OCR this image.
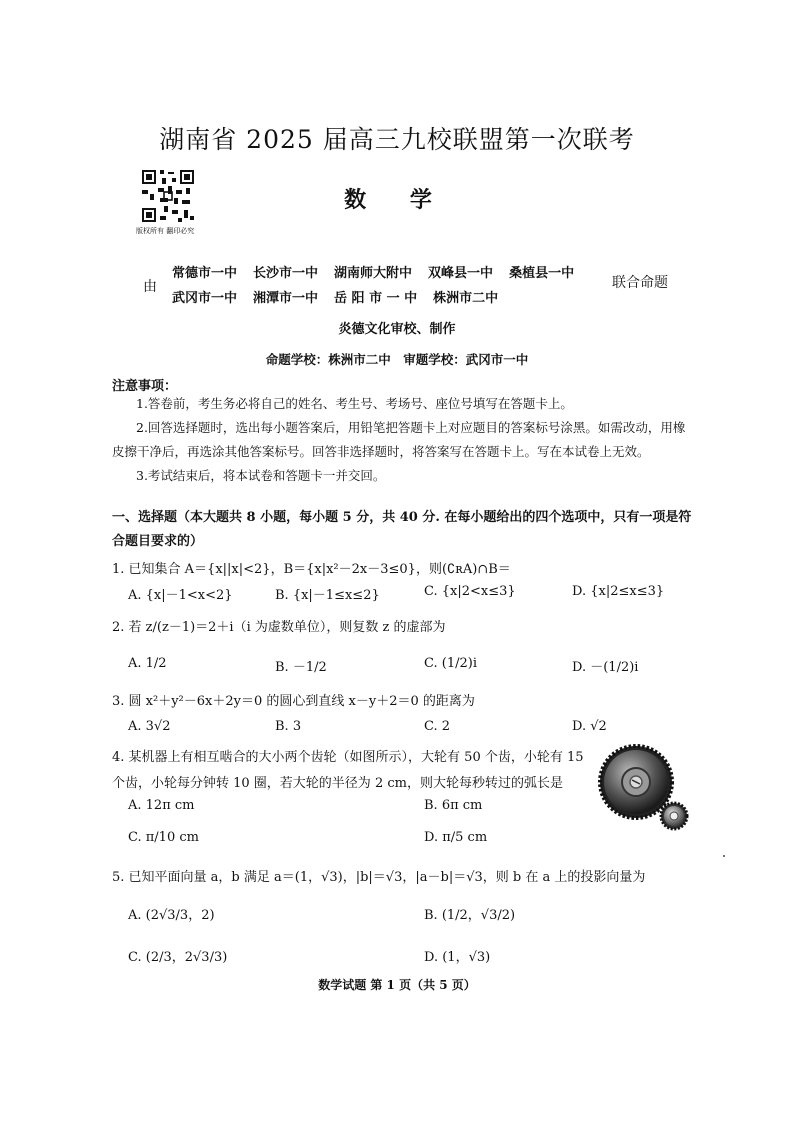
湖南省 2025 届高三九校联盟第一次联考
版权所有 翻印必究
数 学
由
常德市一中 长沙市一中 湖南师大附中 双峰县一中 桑植县一中
武冈市一中 湘潭市一中 岳 阳 市 一 中 株洲市二中
联合命题
炎德文化审校、制作
命题学校：株洲市二中　审题学校：武冈市一中
注意事项：
1.答卷前，考生务必将自己的姓名、考生号、考场号、座位号填写在答题卡上。
2.回答选择题时，选出每小题答案后，用铅笔把答题卡上对应题目的答案标号涂黑。如需改动，用橡皮擦干净后，再选涂其他答案标号。回答非选择题时，将答案写在答题卡上。写在本试卷上无效。
3.考试结束后，将本试卷和答题卡一并交回。
一、选择题（本大题共 8 小题，每小题 5 分，共 40 分. 在每小题给出的四个选项中，只有一项是符合题目要求的）
1. 已知集合 A＝{x||x|<2}，B＝{x|x²－2x－3≤0}，则(∁ʀA)∩B＝
A. {x|－1<x<2}	B. {x|－1≤x≤2}	C. {x|2<x≤3}	D. {x|2≤x≤3}
2. 若 z/(z－1)＝2＋i（i 为虚数单位），则复数 z 的虚部为
A. 1/2	B. －1/2	C. (1/2)i	D. －(1/2)i
3. 圆 x²＋y²－6x＋2y＝0 的圆心到直线 x－y＋2＝0 的距离为
A. 3√2	B. 3	C. 2	D. √2
4. 某机器上有相互啮合的大小两个齿轮（如图所示），大轮有 50 个齿，小轮有 15
个齿，小轮每分钟转 10 圈，若大轮的半径为 2 cm，则大轮每秒转过的弧长是
A. 12π cm	B. 6π cm
C. π/10 cm	D. π/5 cm
5. 已知平面向量 a，b 满足 a＝(1，√3)，|b|＝√3，|a－b|＝√3，则 b 在 a 上的投影向量为
A. (2√3/3，2)	B. (1/2，√3/2)
C. (2/3，2√3/3)	D. (1，√3)
数学试题 第 1 页（共 5 页）
